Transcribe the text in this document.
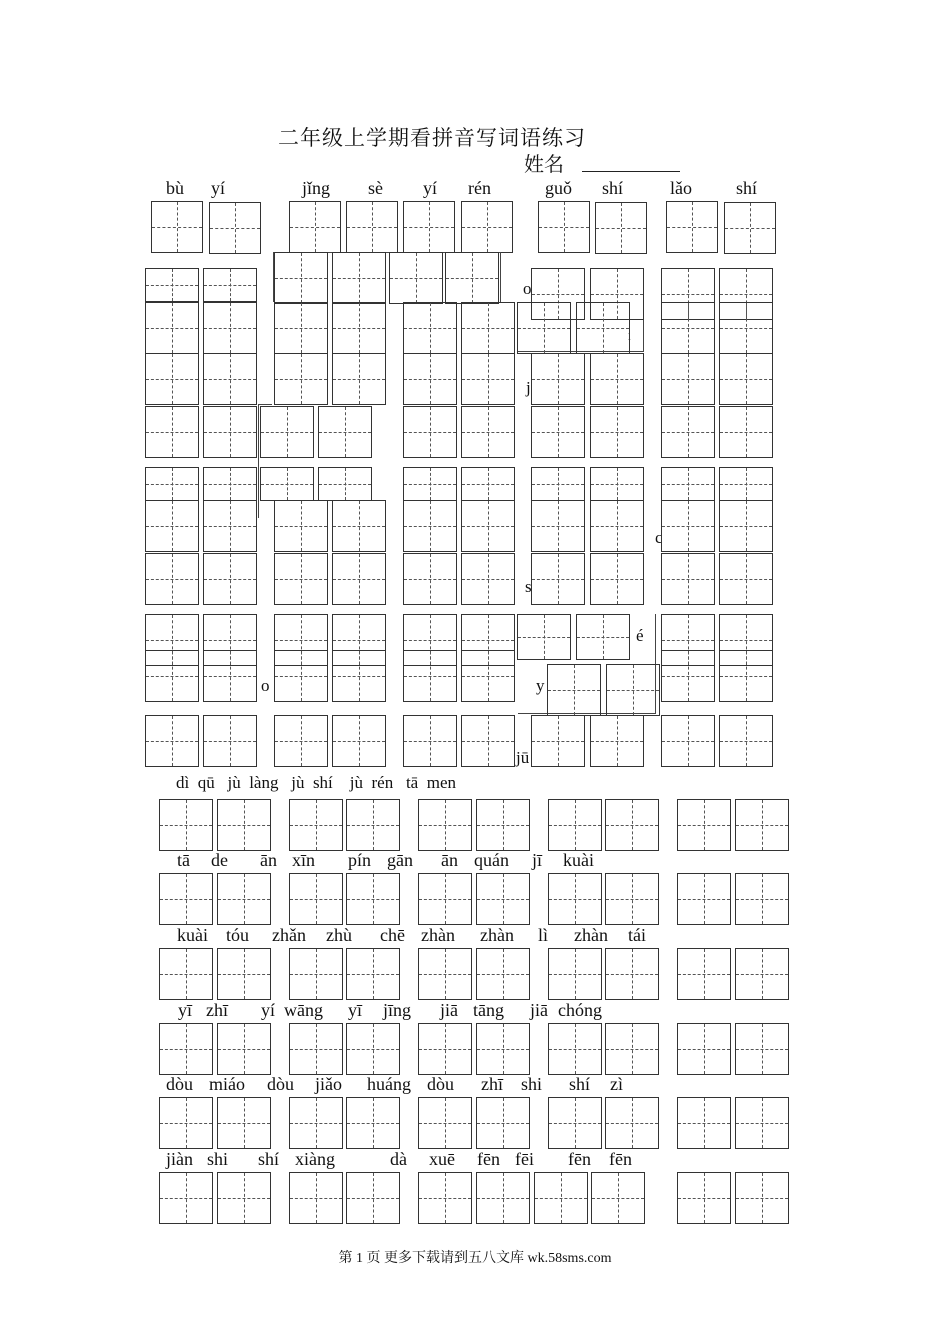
二年级上学期看拼音写词语练习
姓名
bù yí	jǐng sè yí rén	guǒ shí	lǎo shí
o
j
c
s
é
o	y
jū
l
dì  qū   jù  làng   jù  shí    jù  rén   tā  men
tā de ān xīn pín gān ān quán jī kuài
kuài tóu zhǎn zhù chē zhàn zhàn lì zhàn tái
yī zhī yí wāng yī jīng jiā tāng jiā chóng
dòu miáo dòu jiǎo huáng dòu zhī shi shí zì
jiàn shi shí xiàng	dà xuē fēn fēi fēn fēn
第 1 页 更多下载请到五八文库 wk.58sms.com
